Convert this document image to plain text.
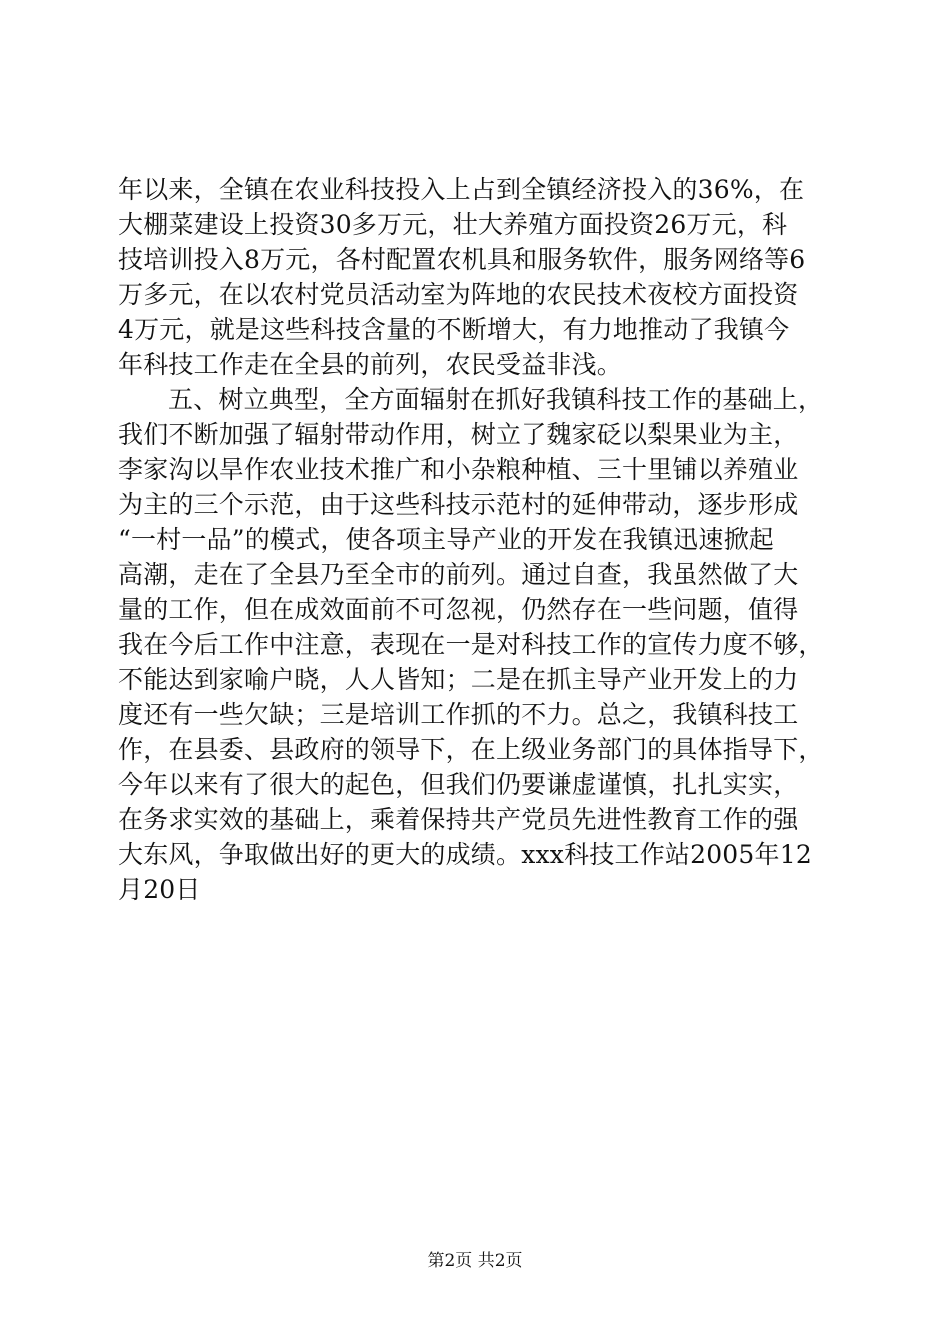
年以来，全镇在农业科技投入上占到全镇经济投入的36%，在
大棚菜建设上投资30多万元，壮大养殖方面投资26万元，科
技培训投入8万元，各村配置农机具和服务软件，服务网络等6
万多元，在以农村党员活动室为阵地的农民技术夜校方面投资
4万元，就是这些科技含量的不断增大，有力地推动了我镇今
年科技工作走在全县的前列，农民受益非浅。
五、树立典型，全方面辐射在抓好我镇科技工作的基础上，
我们不断加强了辐射带动作用，树立了魏家砭以梨果业为主，
李家沟以旱作农业技术推广和小杂粮种植、三十里铺以养殖业
为主的三个示范，由于这些科技示范村的延伸带动，逐步形成
“一村一品”的模式，使各项主导产业的开发在我镇迅速掀起
高潮，走在了全县乃至全市的前列。通过自查，我虽然做了大
量的工作，但在成效面前不可忽视，仍然存在一些问题，值得
我在今后工作中注意，表现在一是对科技工作的宣传力度不够，
不能达到家喻户晓，人人皆知；二是在抓主导产业开发上的力
度还有一些欠缺；三是培训工作抓的不力。总之，我镇科技工
作，在县委、县政府的领导下，在上级业务部门的具体指导下，
今年以来有了很大的起色，但我们仍要谦虚谨慎，扎扎实实，
在务求实效的基础上，乘着保持共产党员先进性教育工作的强
大东风，争取做出好的更大的成绩。xxx科技工作站2005年12
月20日
第2页 共2页
